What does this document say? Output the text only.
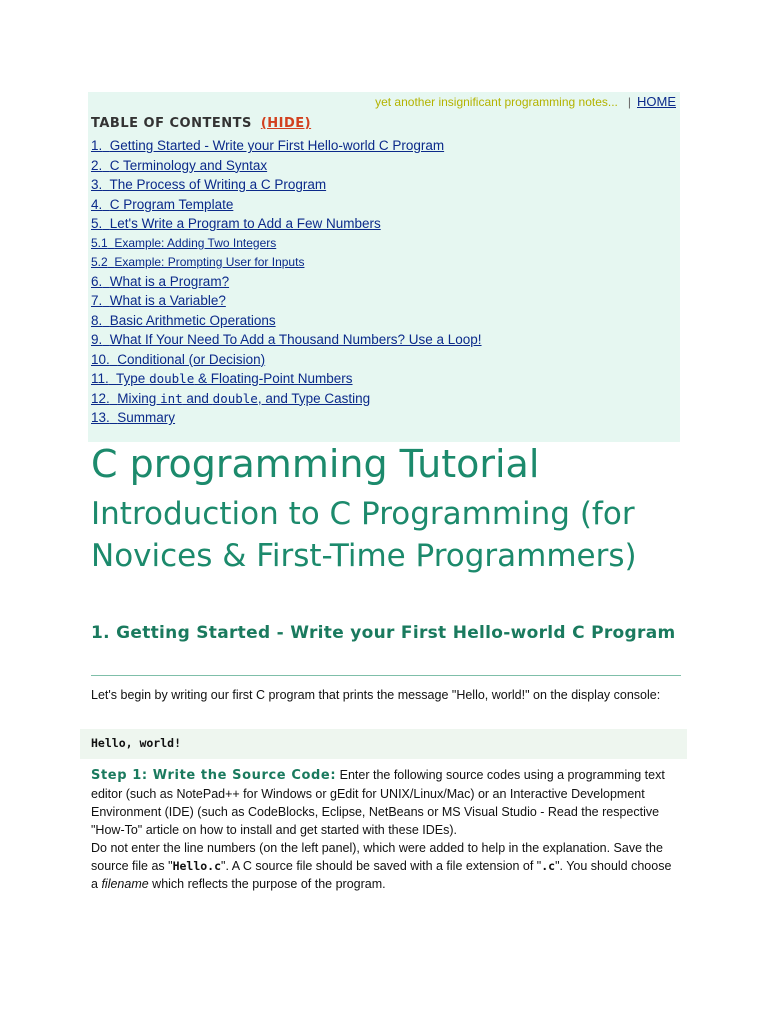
yet another insignificant programming notes... | HOME
TABLE OF CONTENTS (HIDE)
1. Getting Started - Write your First Hello-world C Program
2. C Terminology and Syntax
3. The Process of Writing a C Program
4. C Program Template
5. Let's Write a Program to Add a Few Numbers
5.1 Example: Adding Two Integers
5.2 Example: Prompting User for Inputs
6. What is a Program?
7. What is a Variable?
8. Basic Arithmetic Operations
9. What If Your Need To Add a Thousand Numbers? Use a Loop!
10. Conditional (or Decision)
11. Type double & Floating-Point Numbers
12. Mixing int and double, and Type Casting
13. Summary
C programming Tutorial
Introduction to C Programming (for Novices & First-Time Programmers)
1. Getting Started - Write your First Hello-world C Program

Let's begin by writing our first C program that prints the message "Hello, world!" on the display console:

Hello, world!

Step 1: Write the Source Code: Enter the following source codes using a programming text editor (such as NotePad++ for Windows or gEdit for UNIX/Linux/Mac) or an Interactive Development Environment (IDE) (such as CodeBlocks, Eclipse, NetBeans or MS Visual Studio - Read the respective "How-To" article on how to install and get started with these IDEs).
Do not enter the line numbers (on the left panel), which were added to help in the explanation. Save the source file as "Hello.c". A C source file should be saved with a file extension of ".c". You should choose a filename which reflects the purpose of the program.
